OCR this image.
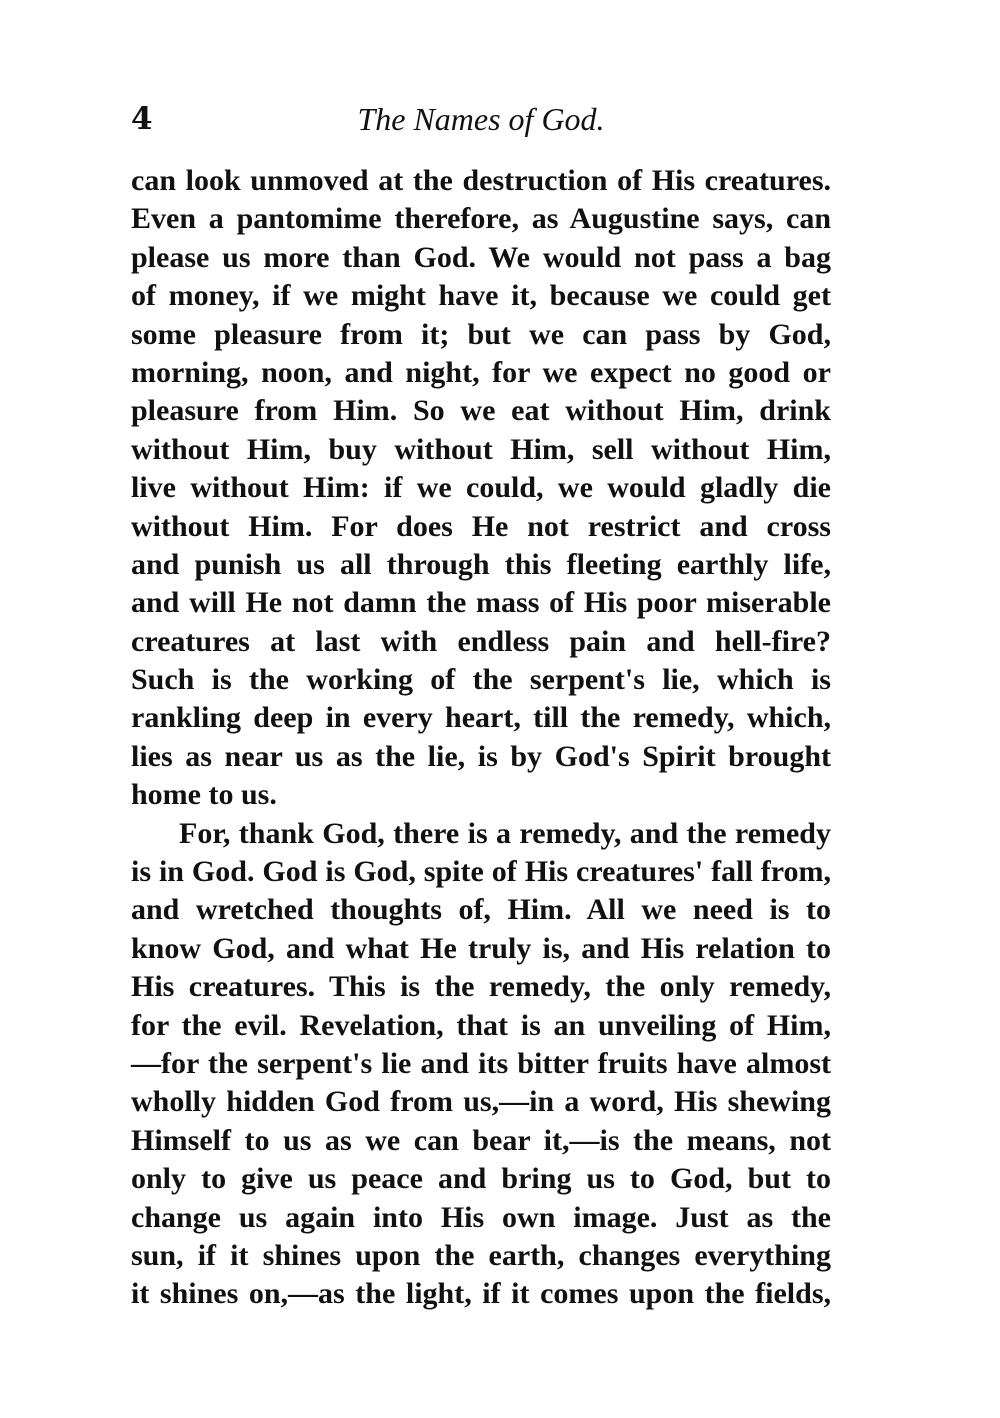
4	The Names of God.
can look unmoved at the destruction of His creatures.
Even a pantomime therefore, as Augustine says, can
please us more than God. We would not pass a bag
of money, if we might have it, because we could get
some pleasure from it; but we can pass by God,
morning, noon, and night, for we expect no good or
pleasure from Him. So we eat without Him, drink
without Him, buy without Him, sell without Him,
live without Him: if we could, we would gladly die
without Him. For does He not restrict and cross
and punish us all through this fleeting earthly life,
and will He not damn the mass of His poor miserable
creatures at last with endless pain and hell-fire?
Such is the working of the serpent's lie, which is
rankling deep in every heart, till the remedy, which,
lies as near us as the lie, is by God's Spirit brought
home to us.
For, thank God, there is a remedy, and the remedy
is in God. God is God, spite of His creatures' fall from,
and wretched thoughts of, Him. All we need is to
know God, and what He truly is, and His relation to
His creatures. This is the remedy, the only remedy,
for the evil. Revelation, that is an unveiling of Him,
—for the serpent's lie and its bitter fruits have almost
wholly hidden God from us,—in a word, His shewing
Himself to us as we can bear it,—is the means, not
only to give us peace and bring us to God, but to
change us again into His own image. Just as the
sun, if it shines upon the earth, changes everything
it shines on,—as the light, if it comes upon the fields,
